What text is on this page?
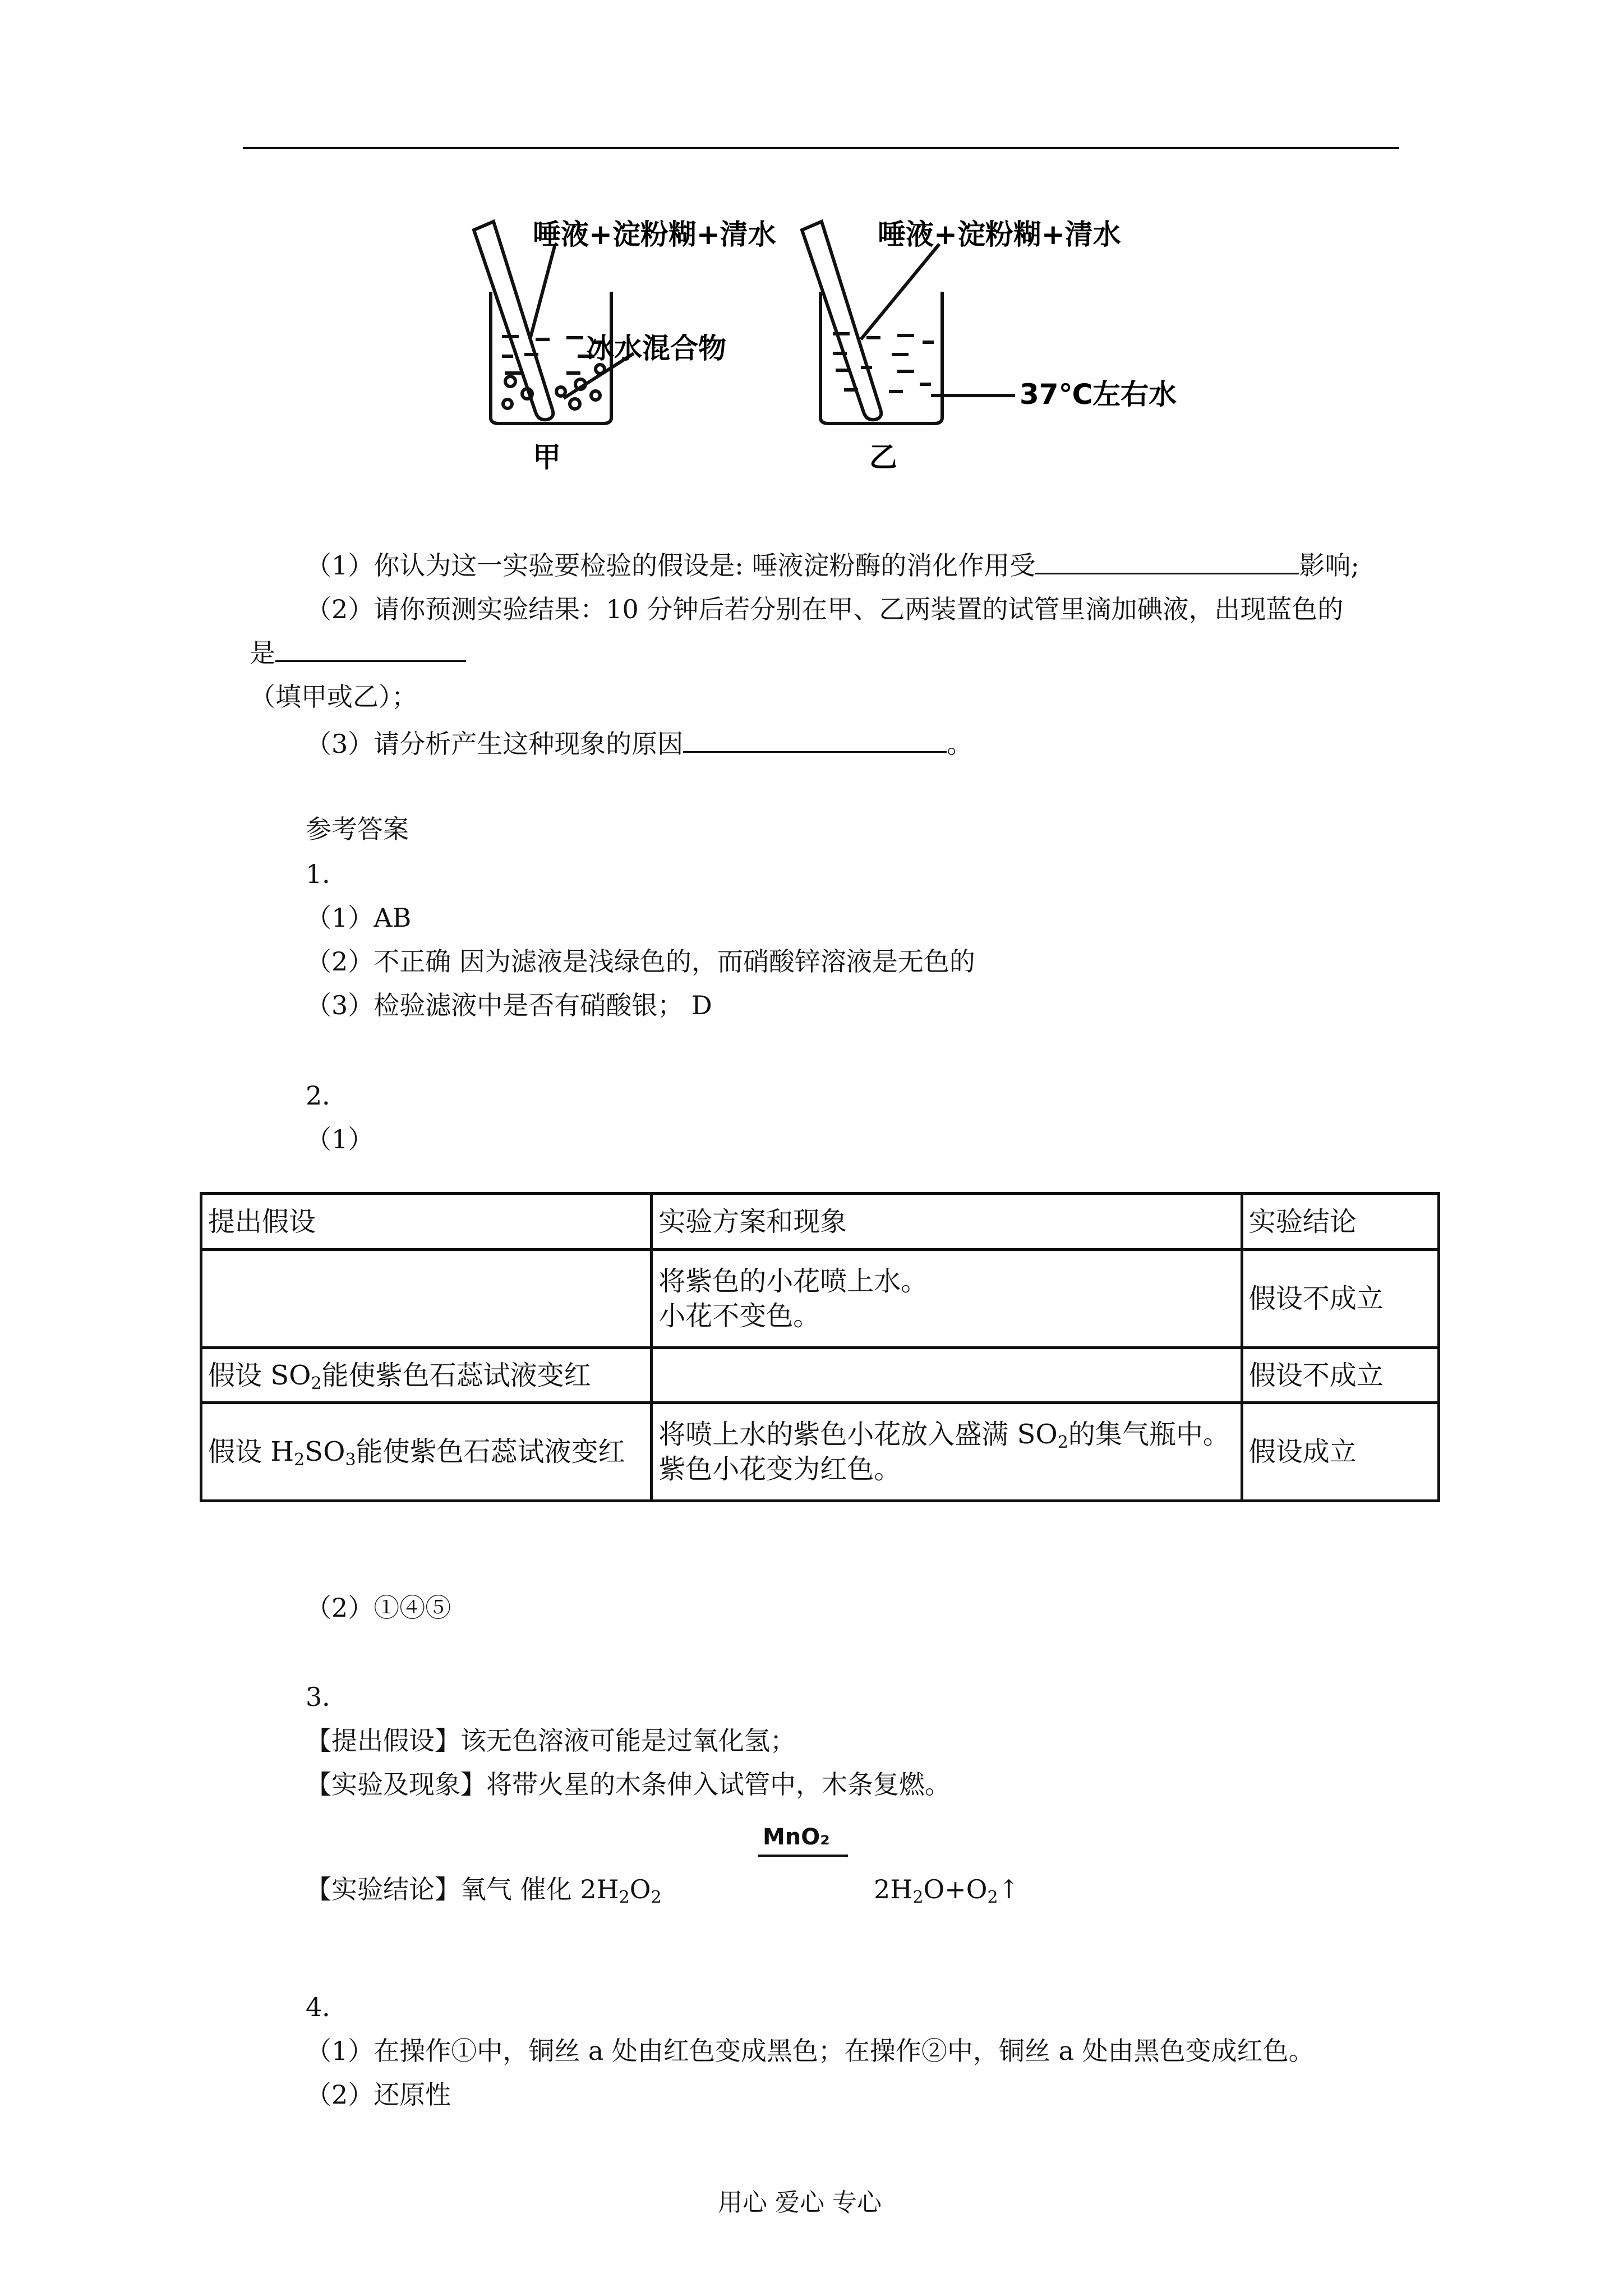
唾液+淀粉糊+清水
冰水混合物
甲
唾液+淀粉糊+清水
37℃左右水
乙
（1）你认为这一实验要检验的假设是: 唾液淀粉酶的消化作用受	影响;
（2）请你预测实验结果：10 分钟后若分别在甲、乙两装置的试管里滴加碘液，出现蓝色的
是
（填甲或乙）；
（3）请分析产生这种现象的原因	。
参考答案
1．
（1）AB
（2）不正确 因为滤液是浅绿色的，而硝酸锌溶液是无色的
（3）检验滤液中是否有硝酸银； D
2．
（1）
提出假设	实验方案和现象	实验结论
	将紫色的小花喷上水。
小花不变色。	假设不成立
假设 $SO_2$能使紫色石蕊试液变红		假设不成立
假设 $H_2SO_3$能使紫色石蕊试液变红	将喷上水的紫色小花放入盛满 $SO_2$的集气瓶中。
紫色小花变为红色。	假设成立
（2）①④⑤
3．
【提出假设】该无色溶液可能是过氧化氢；
【实验及现象】将带火星的木条伸入试管中，木条复燃。
MnO₂
【实验结论】氧气 催化 $2H_2O_2$	$2H_2O+O_2↑$
4．
（1）在操作①中，铜丝 a 处由红色变成黑色；在操作②中，铜丝 a 处由黑色变成红色。
（2）还原性
用心 爱心 专心
